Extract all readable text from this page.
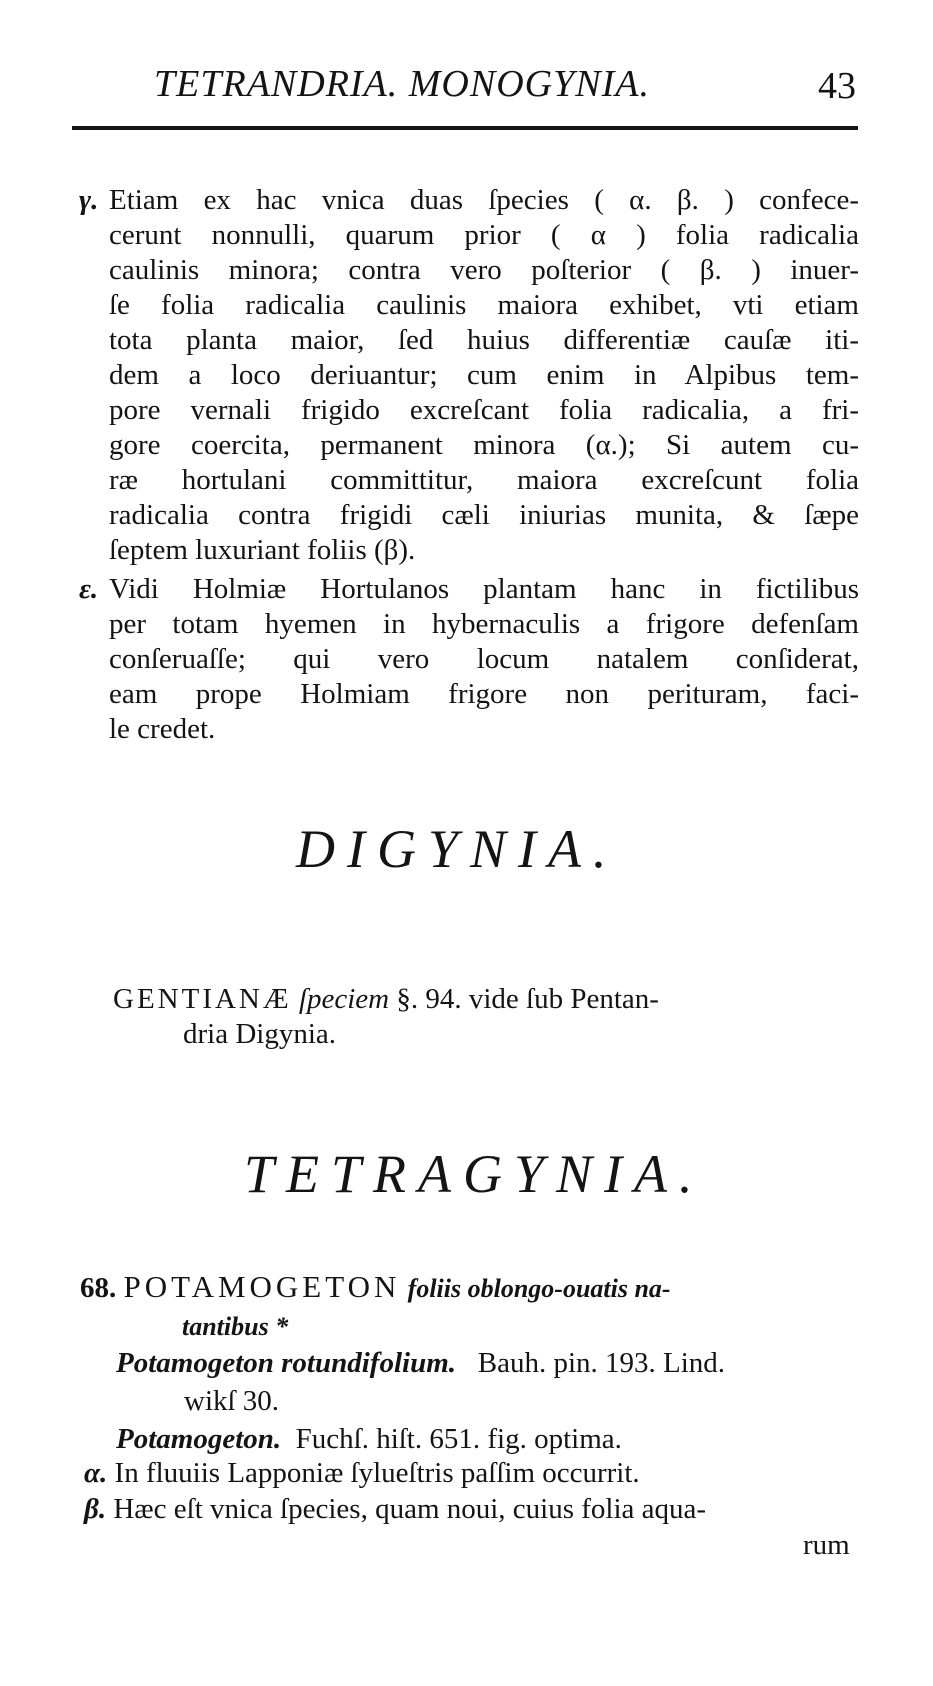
TETRANDRIA. MONOGYNIA.	43
γ. Etiam ex hac vnica duas ſpecies ( α. β. ) confece-
cerunt nonnulli, quarum prior ( α ) folia radicalia
caulinis minora; contra vero poſterior ( β. ) inuer-
ſe folia radicalia caulinis maiora exhibet, vti etiam
tota planta maior, ſed huius differentiæ cauſæ iti-
dem a loco deriuantur; cum enim in Alpibus tem-
pore vernali frigido excreſcant folia radicalia, a fri-
gore coercita, permanent minora (α.); Si autem cu-
ræ hortulani committitur, maiora excreſcunt folia
radicalia contra frigidi cæli iniurias munita, & ſæpe
ſeptem luxuriant foliis (β).
ε. Vidi Holmiæ Hortulanos plantam hanc in fictilibus
per totam hyemen in hybernaculis a frigore defenſam
conſeruaſſe; qui vero locum natalem conſiderat,
eam prope Holmiam frigore non perituram, faci-
le credet.
DIGYNIA.
GENTIANÆ ſpeciem §. 94. vide ſub Pentan-
dria Digynia.
TETRAGYNIA.
68. POTAMOGETON foliis oblongo-ouatis na-
tantibus *
Potamogeton rotundifolium. Bauh. pin. 193. Lind.
wikſ 30.
Potamogeton. Fuchſ. hiſt. 651. fig. optima.
α. In fluuiis Lapponiæ ſylueſtris paſſim occurrit.
β. Hæc eſt vnica ſpecies, quam noui, cuius folia aqua-
rum
